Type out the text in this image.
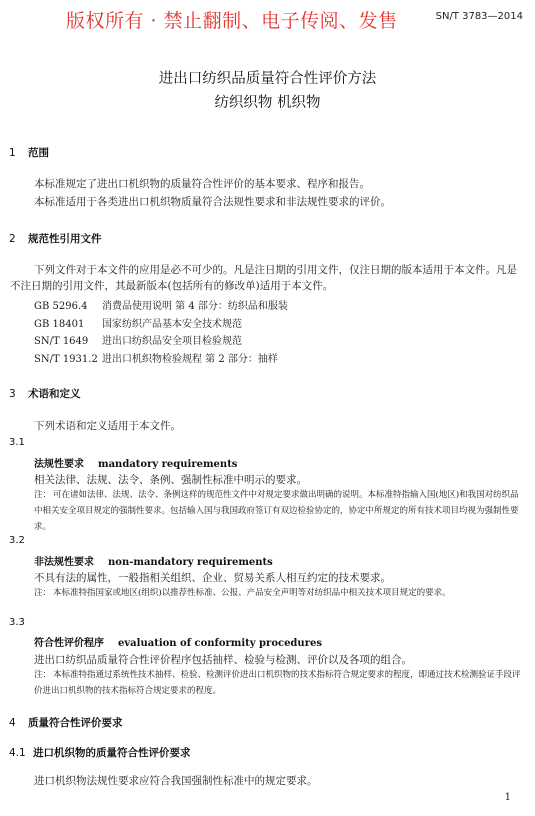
版权所有 · 禁止翻制、电子传阅、发售	SN/T 3783—2014
进出口纺织品质量符合性评价方法
纺织织物 机织物
1 范围
本标准规定了进出口机织物的质量符合性评价的基本要求、程序和报告。
本标准适用于各类进出口机织物质量符合法规性要求和非法规性要求的评价。
2 规范性引用文件
下列文件对于本文件的应用是必不可少的。凡是注日期的引用文件，仅注日期的版本适用于本文件。凡是不注日期的引用文件，其最新版本(包括所有的修改单)适用于本文件。
GB 5296.4 消费品使用说明 第 4 部分：纺织品和服装
GB 18401 国家纺织产品基本安全技术规范
SN/T 1649 进出口纺织品安全项目检验规范
SN/T 1931.2 进出口机织物检验规程 第 2 部分：抽样
3 术语和定义
下列术语和定义适用于本文件。
3.1
法规性要求 mandatory requirements
相关法律、法规、法令、条例、强制性标准中明示的要求。
注： 可在诸如法律、法规、法令、条例这样的规范性文件中对规定要求做出明确的说明。本标准特指输入国(地区)和我国对纺织品中相关安全项目规定的强制性要求。包括输入国与我国政府签订有双边检验协定的，协定中所规定的所有技术项目均视为强制性要求。
3.2
非法规性要求 non-mandatory requirements
不具有法的属性，一般指相关组织、企业、贸易关系人相互约定的技术要求。
注： 本标准特指国家或地区(组织)以推荐性标准、公报、产品安全声明等对纺织品中相关技术项目规定的要求。
3.3
符合性评价程序 evaluation of conformity procedures
进出口纺织品质量符合性评价程序包括抽样、检验与检测、评价以及各项的组合。
注： 本标准特指通过系统性技术抽样、检验、检测评价进出口机织物的技术指标符合规定要求的程度，即通过技术检测验证手段评价进出口机织物的技术指标符合规定要求的程度。
4 质量符合性评价要求
4.1 进口机织物的质量符合性评价要求
进口机织物法规性要求应符合我国强制性标准中的规定要求。
1
